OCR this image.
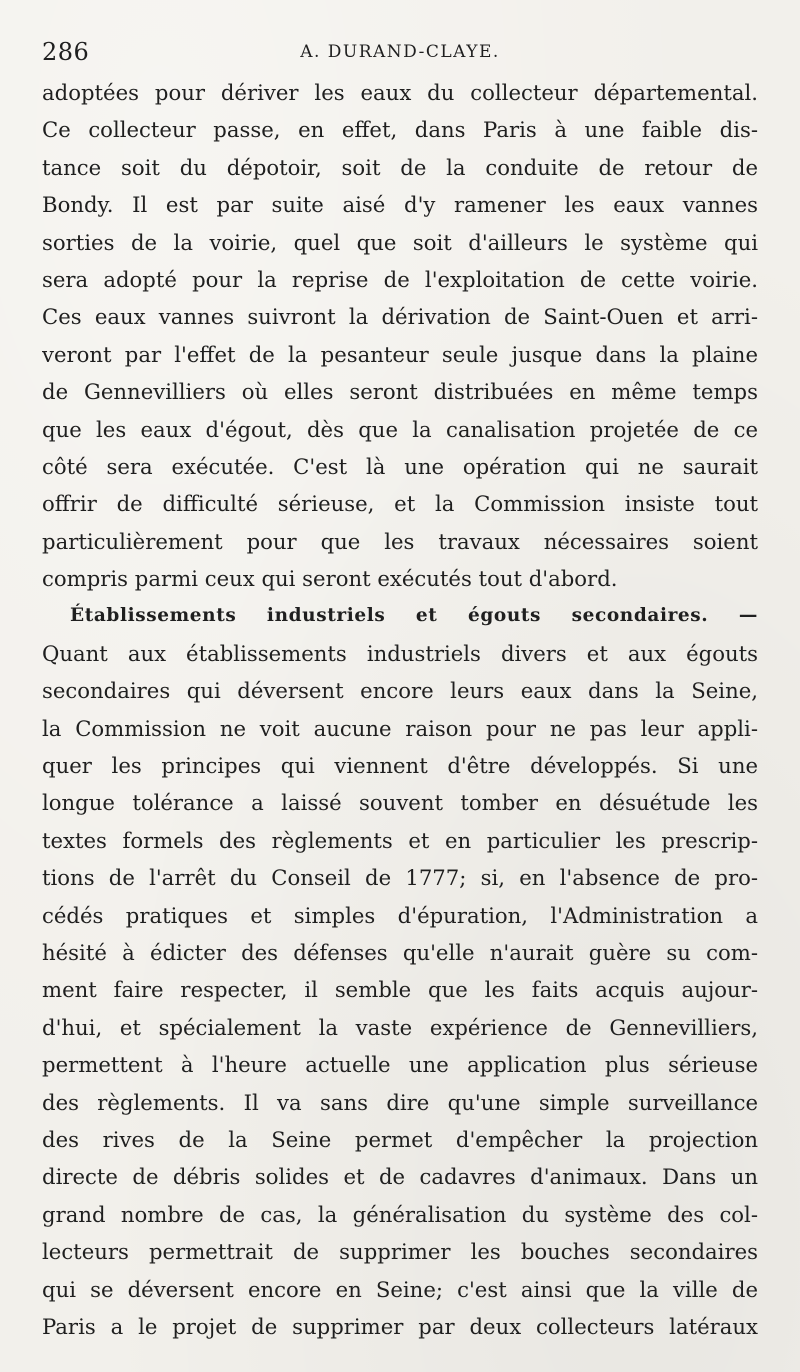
286	A. DURAND-CLAYE.
adoptées pour dériver les eaux du collecteur départemental.
Ce collecteur passe, en effet, dans Paris à une faible dis-
tance soit du dépotoir, soit de la conduite de retour de
Bondy. Il est par suite aisé d'y ramener les eaux vannes
sorties de la voirie, quel que soit d'ailleurs le système qui
sera adopté pour la reprise de l'exploitation de cette voirie.
Ces eaux vannes suivront la dérivation de Saint-Ouen et arri-
veront par l'effet de la pesanteur seule jusque dans la plaine
de Gennevilliers où elles seront distribuées en même temps
que les eaux d'égout, dès que la canalisation projetée de ce
côté sera exécutée. C'est là une opération qui ne saurait
offrir de difficulté sérieuse, et la Commission insiste tout
particulièrement pour que les travaux nécessaires soient
compris parmi ceux qui seront exécutés tout d'abord.
Établissements industriels et égouts secondaires. —
Quant aux établissements industriels divers et aux égouts
secondaires qui déversent encore leurs eaux dans la Seine,
la Commission ne voit aucune raison pour ne pas leur appli-
quer les principes qui viennent d'être développés. Si une
longue tolérance a laissé souvent tomber en désuétude les
textes formels des règlements et en particulier les prescrip-
tions de l'arrêt du Conseil de 1777; si, en l'absence de pro-
cédés pratiques et simples d'épuration, l'Administration a
hésité à édicter des défenses qu'elle n'aurait guère su com-
ment faire respecter, il semble que les faits acquis aujour-
d'hui, et spécialement la vaste expérience de Gennevilliers,
permettent à l'heure actuelle une application plus sérieuse
des règlements. Il va sans dire qu'une simple surveillance
des rives de la Seine permet d'empêcher la projection
directe de débris solides et de cadavres d'animaux. Dans un
grand nombre de cas, la généralisation du système des col-
lecteurs permettrait de supprimer les bouches secondaires
qui se déversent encore en Seine; c'est ainsi que la ville de
Paris a le projet de supprimer par deux collecteurs latéraux
